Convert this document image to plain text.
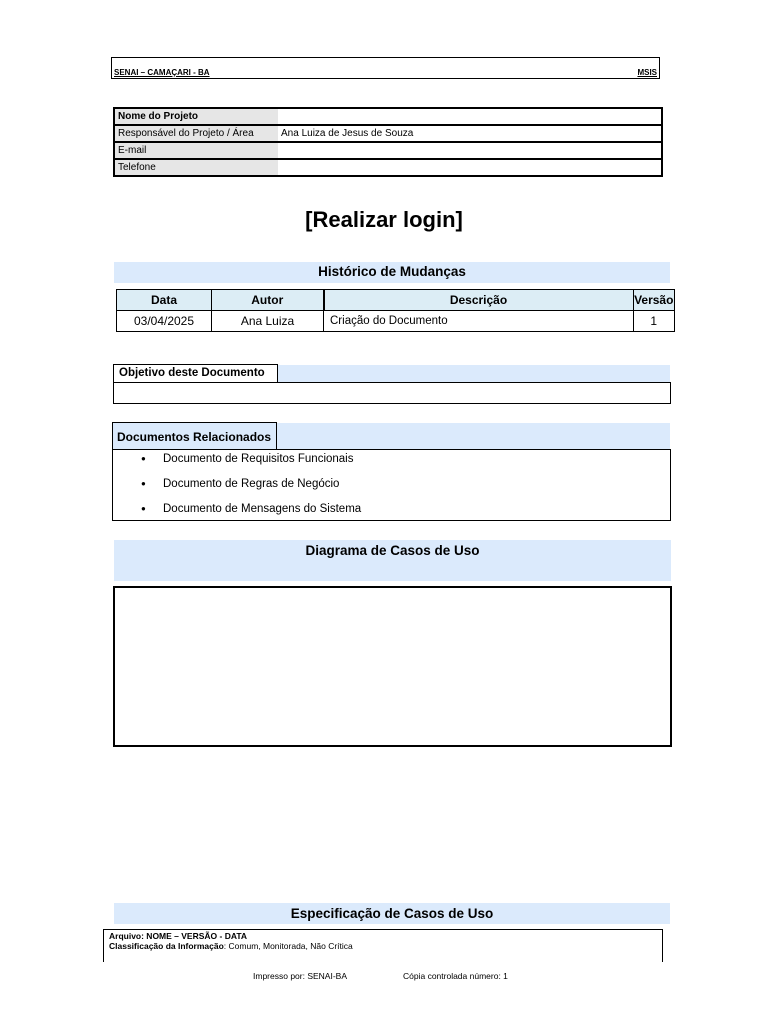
SENAI – CAMAÇARI - BA	MSIS
Nome do Projeto	
Responsável do Projeto / Área	Ana Luiza de Jesus de Souza
E-mail	
Telefone	
[Realizar login]
Histórico de Mudanças
Data	Autor	Descrição	Versão
03/04/2025	Ana Luiza	Criação do Documento	1
Objetivo deste Documento
Documentos Relacionados
● Documento de Requisitos Funcionais
● Documento de Regras de Negócio
● Documento de Mensagens do Sistema
Diagrama de Casos de Uso
Especificação de Casos de Uso
Arquivo: NOME – VERSÃO - DATA
Classificação da Informação: Comum, Monitorada, Não Crítica
Impresso por: SENAI-BA	Cópia controlada número: 1
